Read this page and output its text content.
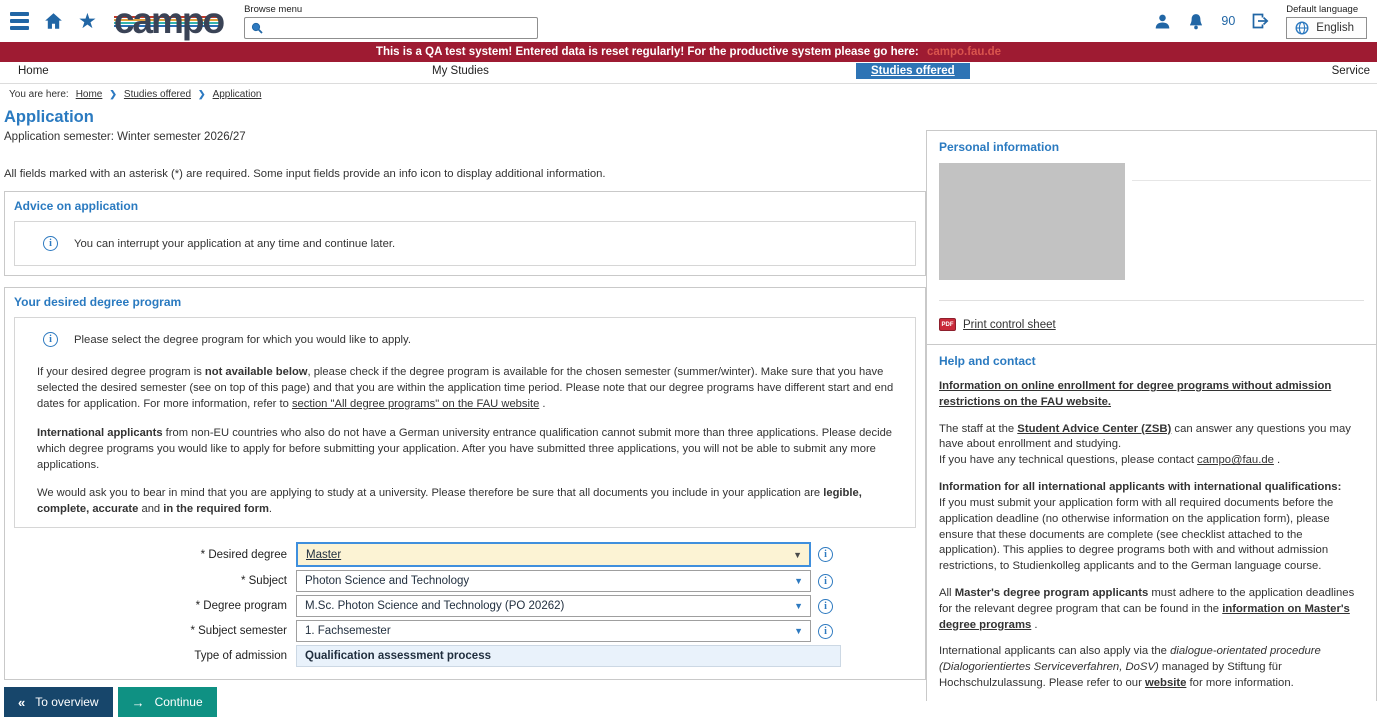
★ campo Browse menu
90
Default language
English
This is a QA test system! Entered data is reset regularly! For the productive system please go here: campo.fau.de
Home	My Studies	Studies offered	Service
You are here: Home ❯ Studies offered ❯ Application
Application
Application semester: Winter semester 2026/27
All fields marked with an asterisk (*) are required. Some input fields provide an info icon to display additional information.
Advice on application
i	You can interrupt your application at any time and continue later.
Your desired degree program
i	Please select the degree program for which you would like to apply.

If your desired degree program is not available below, please check if the degree program is available for the chosen semester (summer/winter). Make sure that you have selected the desired semester (see on top of this page) and that you are within the application time period. Please note that our degree programs have different start and end dates for application. For more information, refer to section "All degree programs" on the FAU website .

International applicants from non-EU countries who also do not have a German university entrance qualification cannot submit more than three applications. Please decide which degree programs you would like to apply for before submitting your application. After you have submitted three applications, you will not be able to submit any more applications.

We would ask you to bear in mind that you are applying to study at a university. Please therefore be sure that all documents you include in your application are legible, complete, accurate and in the required form.

* Desired degree	Master	▼	i
* Subject	Photon Science and Technology	▼	i
* Degree program	M.Sc. Photon Science and Technology (PO 20262)	▼	i
* Subject semester	1. Fachsemester	▼	i
Type of admission	Qualification assessment process
« To overview	→ Continue
Personal information
PDF Print control sheet
Help and contact

Information on online enrollment for degree programs without admission restrictions on the FAU website.

The staff at the Student Advice Center (ZSB) can answer any questions you may have about enrollment and studying.
If you have any technical questions, please contact campo@fau.de .

Information for all international applicants with international qualifications:
If you must submit your application form with all required documents before the application deadline (no otherwise information on the application form), please ensure that these documents are complete (see checklist attached to the application). This applies to degree programs both with and without admission restrictions, to Studienkolleg applicants and to the German language course.

All Master's degree program applicants must adhere to the application deadlines for the relevant degree program that can be found in the information on Master's degree programs .

International applicants can also apply via the dialogue-orientated procedure (Dialogorientiertes Serviceverfahren, DoSV) managed by Stiftung für Hochschulzulassung. Please refer to our website for more information.
